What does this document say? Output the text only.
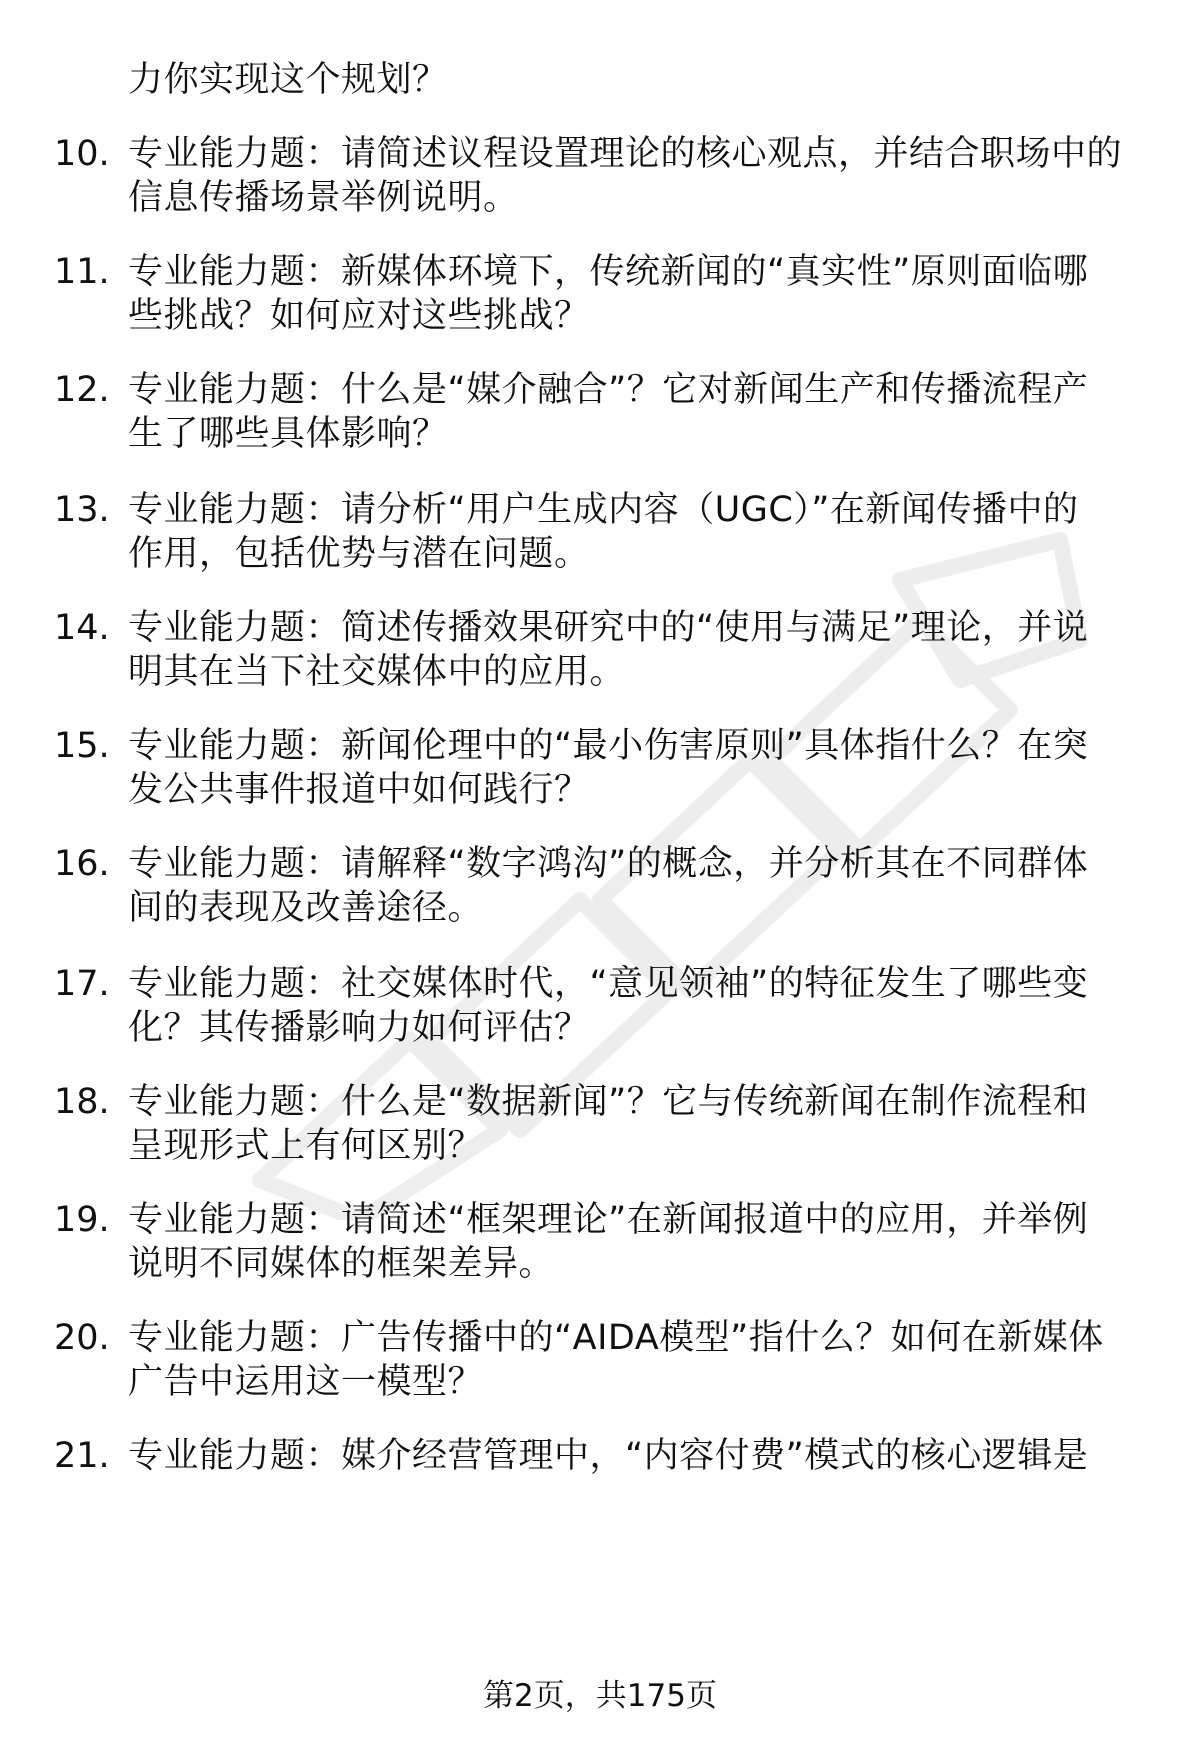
力你实现这个规划？
10. 专业能力题：请简述议程设置理论的核心观点，并结合职场中的
信息传播场景举例说明。
11. 专业能力题：新媒体环境下，传统新闻的“真实性”原则面临哪
些挑战？如何应对这些挑战？
12. 专业能力题：什么是“媒介融合”？它对新闻生产和传播流程产
生了哪些具体影响？
13. 专业能力题：请分析“用户生成内容（UGC）”在新闻传播中的
作用，包括优势与潜在问题。
14. 专业能力题：简述传播效果研究中的“使用与满足”理论，并说
明其在当下社交媒体中的应用。
15. 专业能力题：新闻伦理中的“最小伤害原则”具体指什么？在突
发公共事件报道中如何践行？
16. 专业能力题：请解释“数字鸿沟”的概念，并分析其在不同群体
间的表现及改善途径。
17. 专业能力题：社交媒体时代，“意见领袖”的特征发生了哪些变
化？其传播影响力如何评估？
18. 专业能力题：什么是“数据新闻”？它与传统新闻在制作流程和
呈现形式上有何区别？
19. 专业能力题：请简述“框架理论”在新闻报道中的应用，并举例
说明不同媒体的框架差异。
20. 专业能力题：广告传播中的“AIDA模型”指什么？如何在新媒体
广告中运用这一模型？
21. 专业能力题：媒介经营管理中，“内容付费”模式的核心逻辑是
第2页，共175页
